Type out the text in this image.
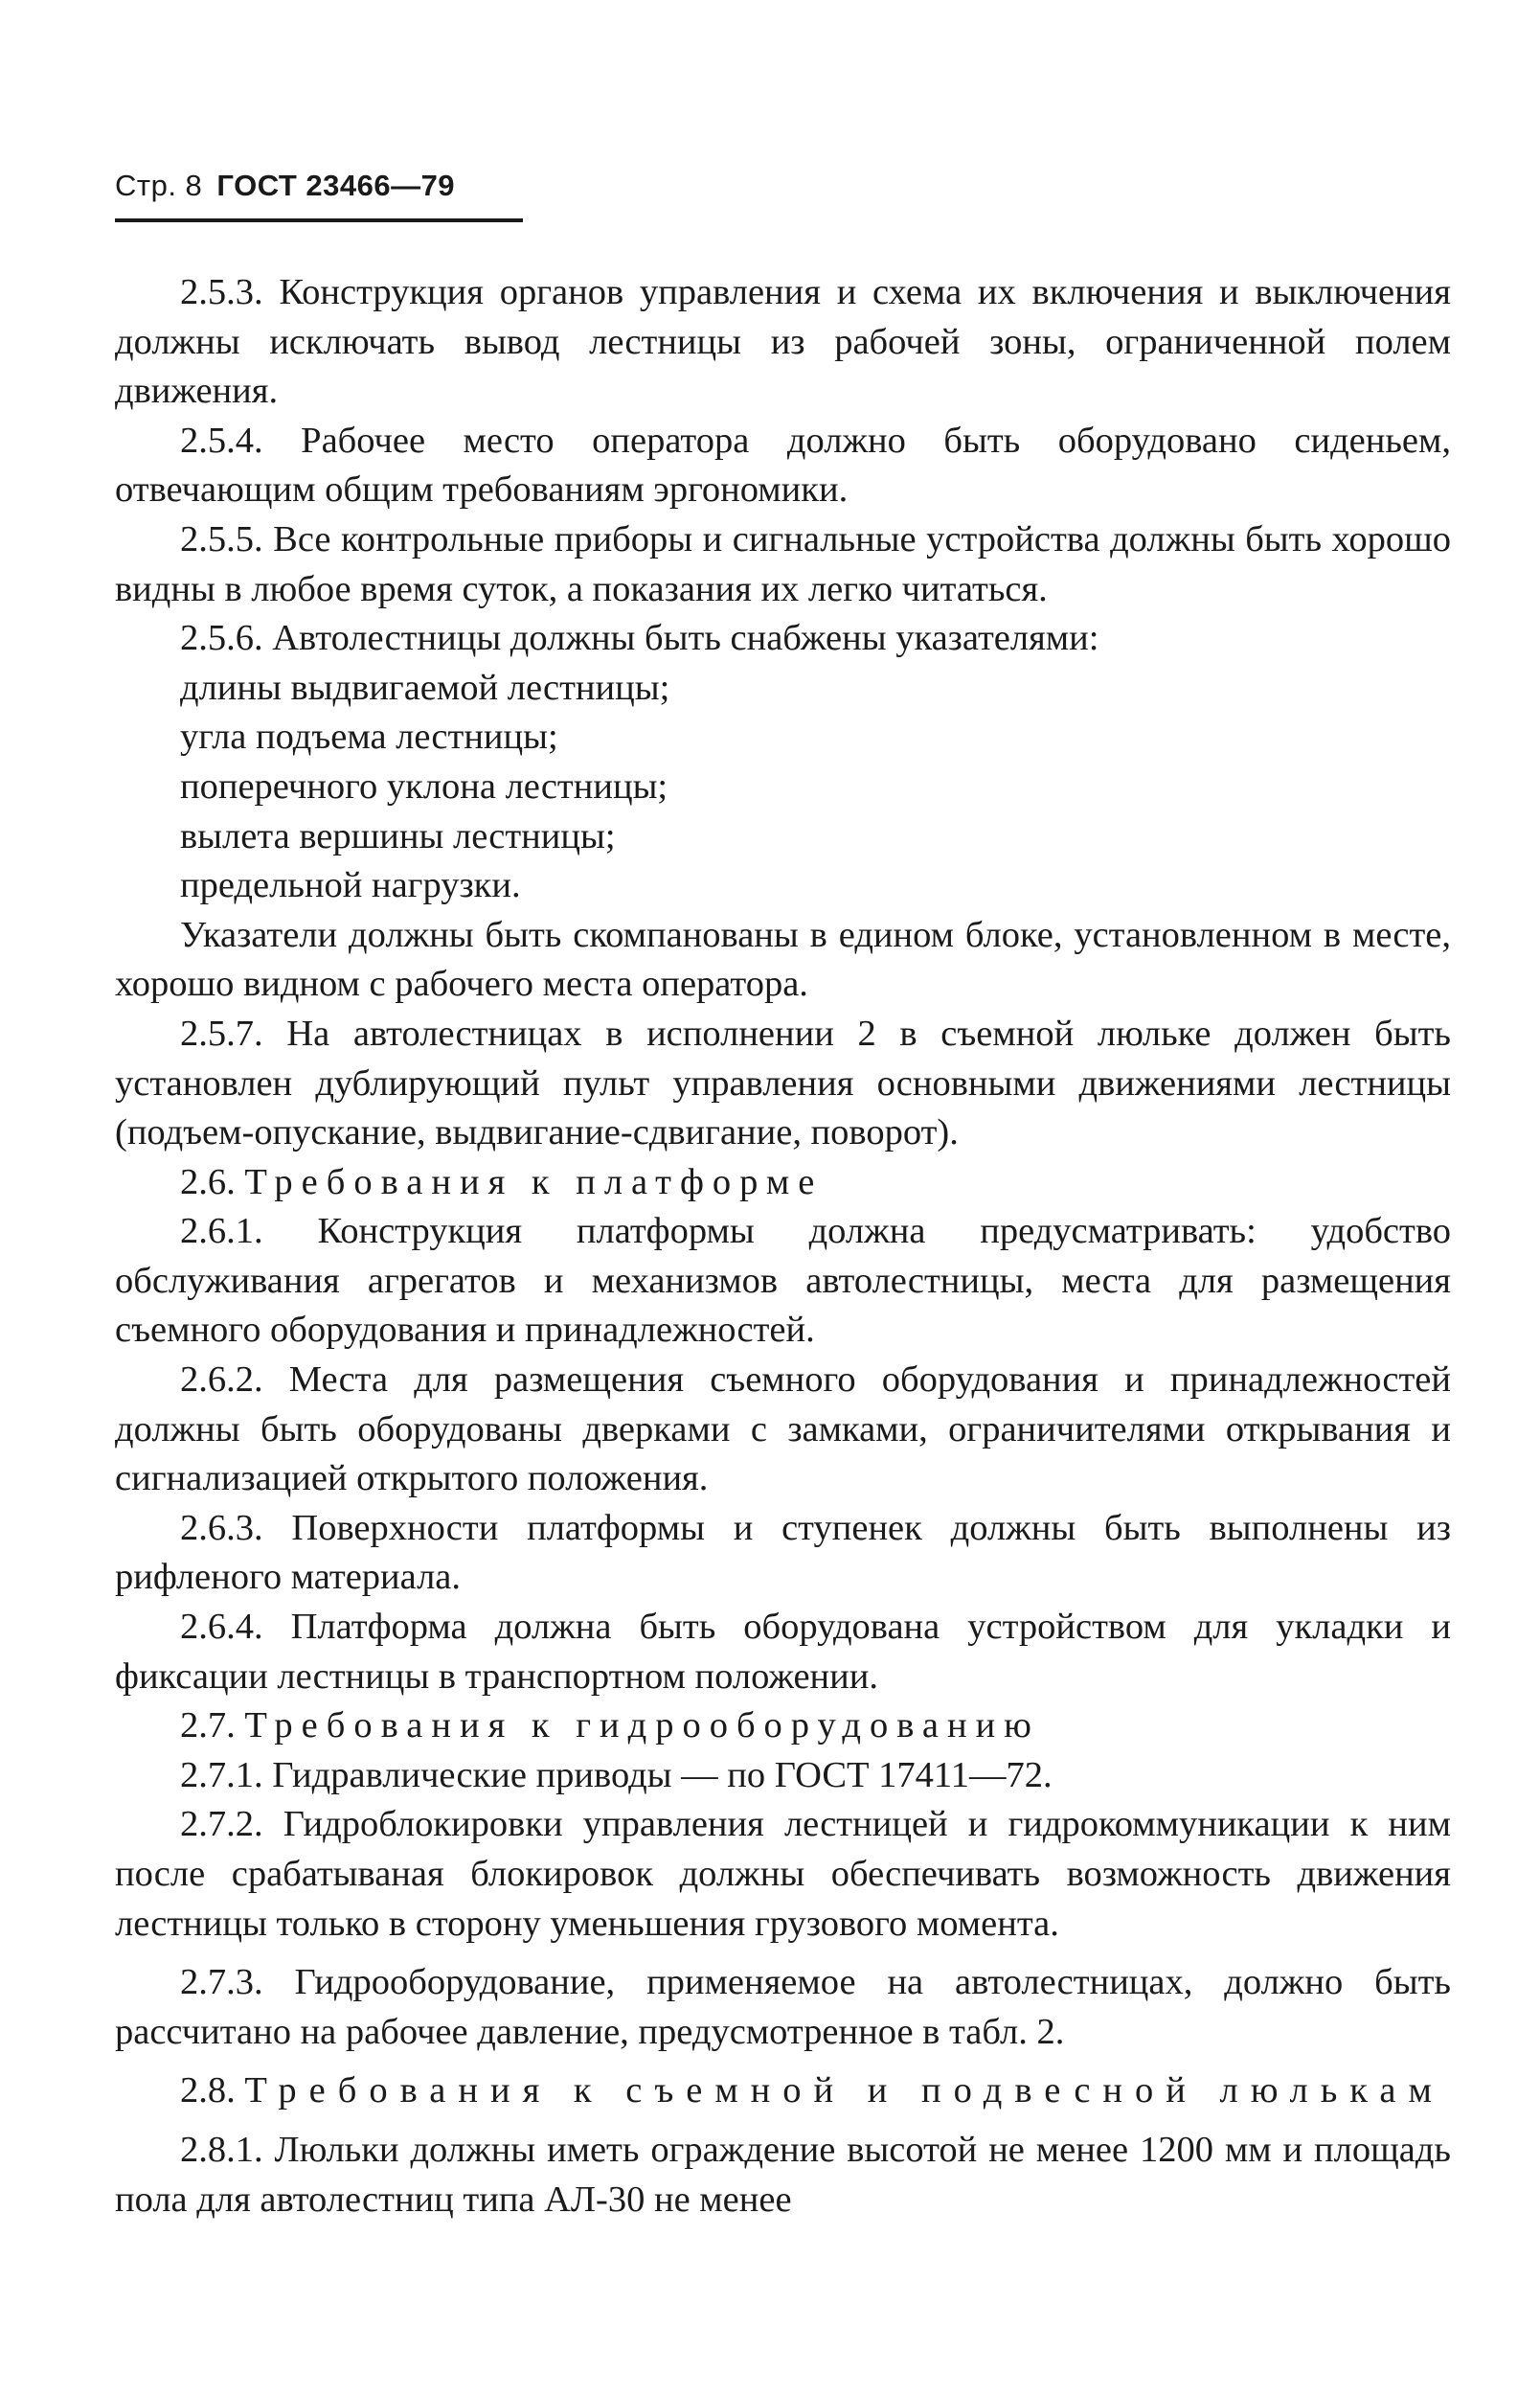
Стр. 8 ГОСТ 23466—79

2.5.3. Конструкция органов управления и схема их включения и выключения должны исключать вывод лестницы из рабочей зоны, ограниченной полем движения.

2.5.4. Рабочее место оператора должно быть оборудовано сиденьем, отвечающим общим требованиям эргономики.

2.5.5. Все контрольные приборы и сигнальные устройства должны быть хорошо видны в любое время суток, а показания их легко читаться.

2.5.6. Автолестницы должны быть снабжены указателями:

длины выдвигаемой лестницы;

угла подъема лестницы;

поперечного уклона лестницы;

вылета вершины лестницы;

предельной нагрузки.

Указатели должны быть скомпанованы в едином блоке, установленном в месте, хорошо видном с рабочего места оператора.

2.5.7. На автолестницах в исполнении 2 в съемной люльке должен быть установлен дублирующий пульт управления основными движениями лестницы (подъем-опускание, выдвигание-сдвигание, поворот).

2.6. Требования к платформе

2.6.1. Конструкция платформы должна предусматривать: удобство обслуживания агрегатов и механизмов автолестницы, места для размещения съемного оборудования и принадлежностей.

2.6.2. Места для размещения съемного оборудования и принадлежностей должны быть оборудованы дверками с замками, ограничителями открывания и сигнализацией открытого положения.

2.6.3. Поверхности платформы и ступенек должны быть выполнены из рифленого материала.

2.6.4. Платформа должна быть оборудована устройством для укладки и фиксации лестницы в транспортном положении.

2.7. Требования к гидрооборудованию

2.7.1. Гидравлические приводы — по ГОСТ 17411—72.

2.7.2. Гидроблокировки управления лестницей и гидрокоммуникации к ним после срабатываная блокировок должны обеспечивать возможность движения лестницы только в сторону уменьшения грузового момента.

2.7.3. Гидрооборудование, применяемое на автолестницах, должно быть рассчитано на рабочее давление, предусмотренное в табл. 2.

2.8. Требования к съемной и подвесной люлькам

2.8.1. Люльки должны иметь ограждение высотой не менее 1200 мм и площадь пола для автолестниц типа АЛ-30 не менее
